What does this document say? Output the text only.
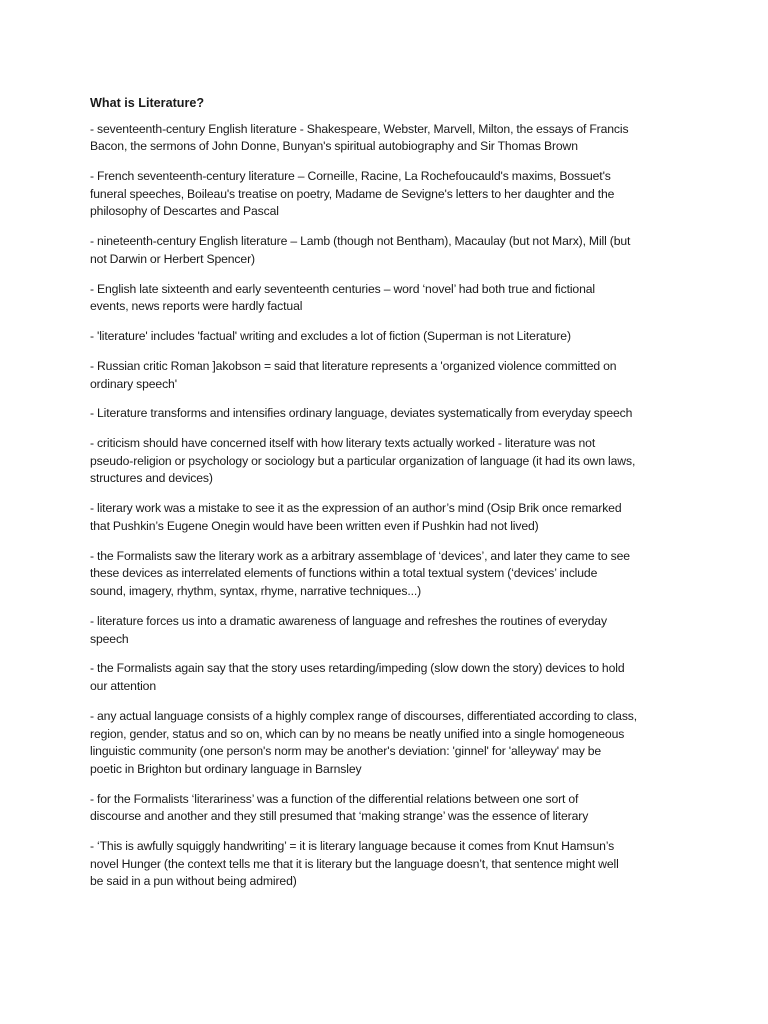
What is Literature?
- seventeenth-century English literature - Shakespeare, Webster, Marvell, Milton, the essays of Francis
Bacon, the sermons of John Donne, Bunyan's spiritual autobiography and Sir Thomas Brown
- French seventeenth-century literature – Corneille, Racine, La Rochefoucauld's maxims, Bossuet's
funeral speeches, Boileau's treatise on poetry, Madame de Sevigne's letters to her daughter and the
philosophy of Descartes and Pascal
- nineteenth-century English literature – Lamb (though not Bentham), Macaulay (but not Marx), Mill (but
not Darwin or Herbert Spencer)
- English late sixteenth and early seventeenth centuries – word ‘novel’ had both true and fictional
events, news reports were hardly factual
- 'literature' includes 'factual' writing and excludes a lot of fiction (Superman is not Literature)
- Russian critic Roman ]akobson = said that literature represents a 'organized violence committed on
ordinary speech'
- Literature transforms and intensifies ordinary language, deviates systematically from everyday speech
- criticism should have concerned itself with how literary texts actually worked - literature was not
pseudo-religion or psychology or sociology but a particular organization of language (it had its own laws,
structures and devices)
- literary work was a mistake to see it as the expression of an author’s mind (Osip Brik once remarked
that Pushkin’s Eugene Onegin would have been written even if Pushkin had not lived)
- the Formalists saw the literary work as a arbitrary assemblage of ‘devices’, and later they came to see
these devices as interrelated elements of functions within a total textual system (‘devices’ include
sound, imagery, rhythm, syntax, rhyme, narrative techniques...)
- literature forces us into a dramatic awareness of language and refreshes the routines of everyday
speech
- the Formalists again say that the story uses retarding/impeding (slow down the story) devices to hold
our attention
- any actual language consists of a highly complex range of discourses, differentiated according to class,
region, gender, status and so on, which can by no means be neatly unified into a single homogeneous
linguistic community (one person's norm may be another's deviation: 'ginnel' for 'alleyway' may be
poetic in Brighton but ordinary language in Barnsley
- for the Formalists ‘literariness’ was a function of the differential relations between one sort of
discourse and another and they still presumed that ‘making strange’ was the essence of literary
- ‘This is awfully squiggly handwriting’ = it is literary language because it comes from Knut Hamsun’s
novel Hunger (the context tells me that it is literary but the language doesn’t, that sentence might well
be said in a pun without being admired)
